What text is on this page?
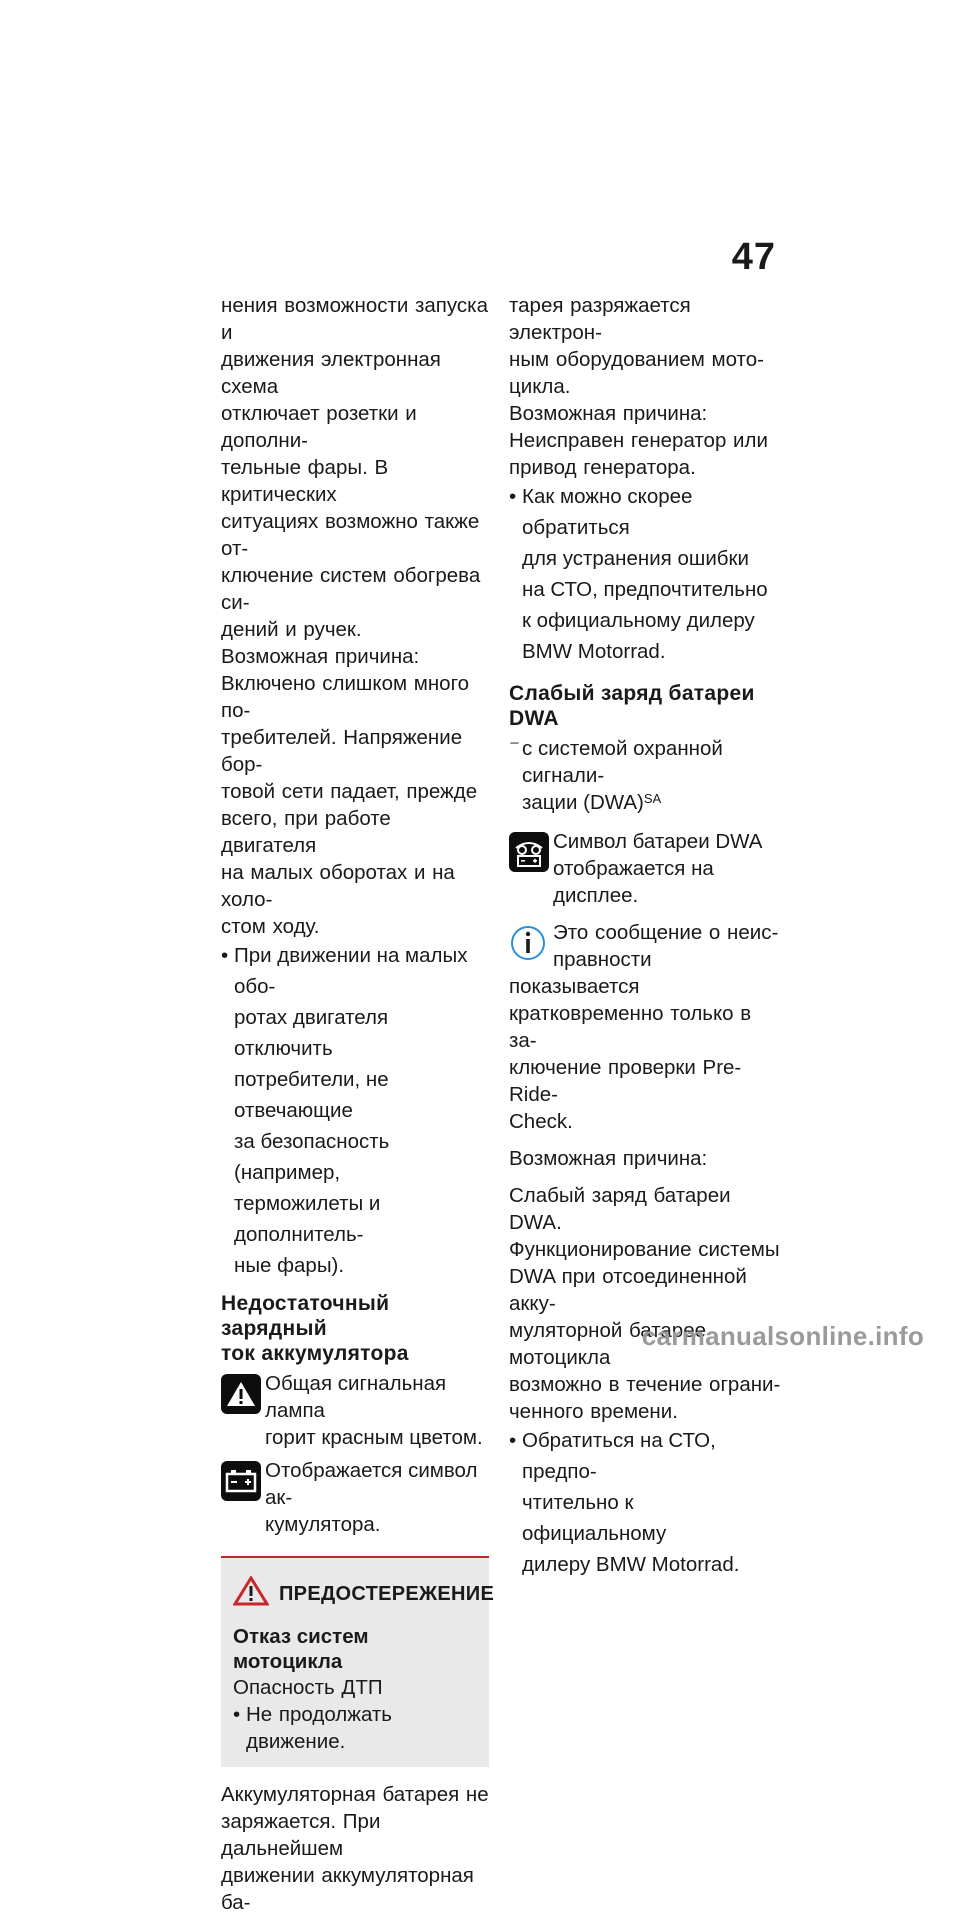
47

нения возможности запуска и
движения электронная схема
отключает розетки и дополни-
тельные фары. В критических
ситуациях возможно также от-
ключение систем обогрева си-
дений и ручек.

Возможная причина:

Включено слишком много по-
требителей. Напряжение бор-
товой сети падает, прежде
всего, при работе двигателя
на малых оборотах и на холо-
стом ходу.

• При движении на малых обо-
ротах двигателя отключить
потребители, не отвечающие
за безопасность (например,
терможилеты и дополнитель-
ные фары).
Недостаточный зарядный
ток аккумулятора
Общая сигнальная лампа
горит красным цветом.
Отображается символ ак-
кумулятора.
ПРЕДОСТЕРЕЖЕНИЕ
Отказ систем мотоцикла
Опасность ДТП
• Не продолжать движение.

Аккумуляторная батарея не
заряжается. При дальнейшем
движении аккумуляторная ба-

тарея разряжается электрон-
ным оборудованием мото-
цикла.

Возможная причина:

Неисправен генератор или
привод генератора.

• Как можно скорее обратиться
для устранения ошибки
на СТО, предпочтительно
к официальному дилеру
BMW Motorrad.
Слабый заряд батареи DWA
⁻ с системой охранной сигнали-
зации (DWA)$^{SA}$
Символ батареи DWA
отображается на дисплее.
Это сообщение о неис-
правности показывается
кратковременно только в за-
ключение проверки Pre-Ride-
Check.

Возможная причина:

Слабый заряд батареи DWA.
Функционирование системы
DWA при отсоединенной акку-
муляторной батарее мотоцикла
возможно в течение ограни-
ченного времени.

• Обратиться на СТО, предпо-
чтительно к официальному
дилеру BMW Motorrad.
carmanualsonline.info
